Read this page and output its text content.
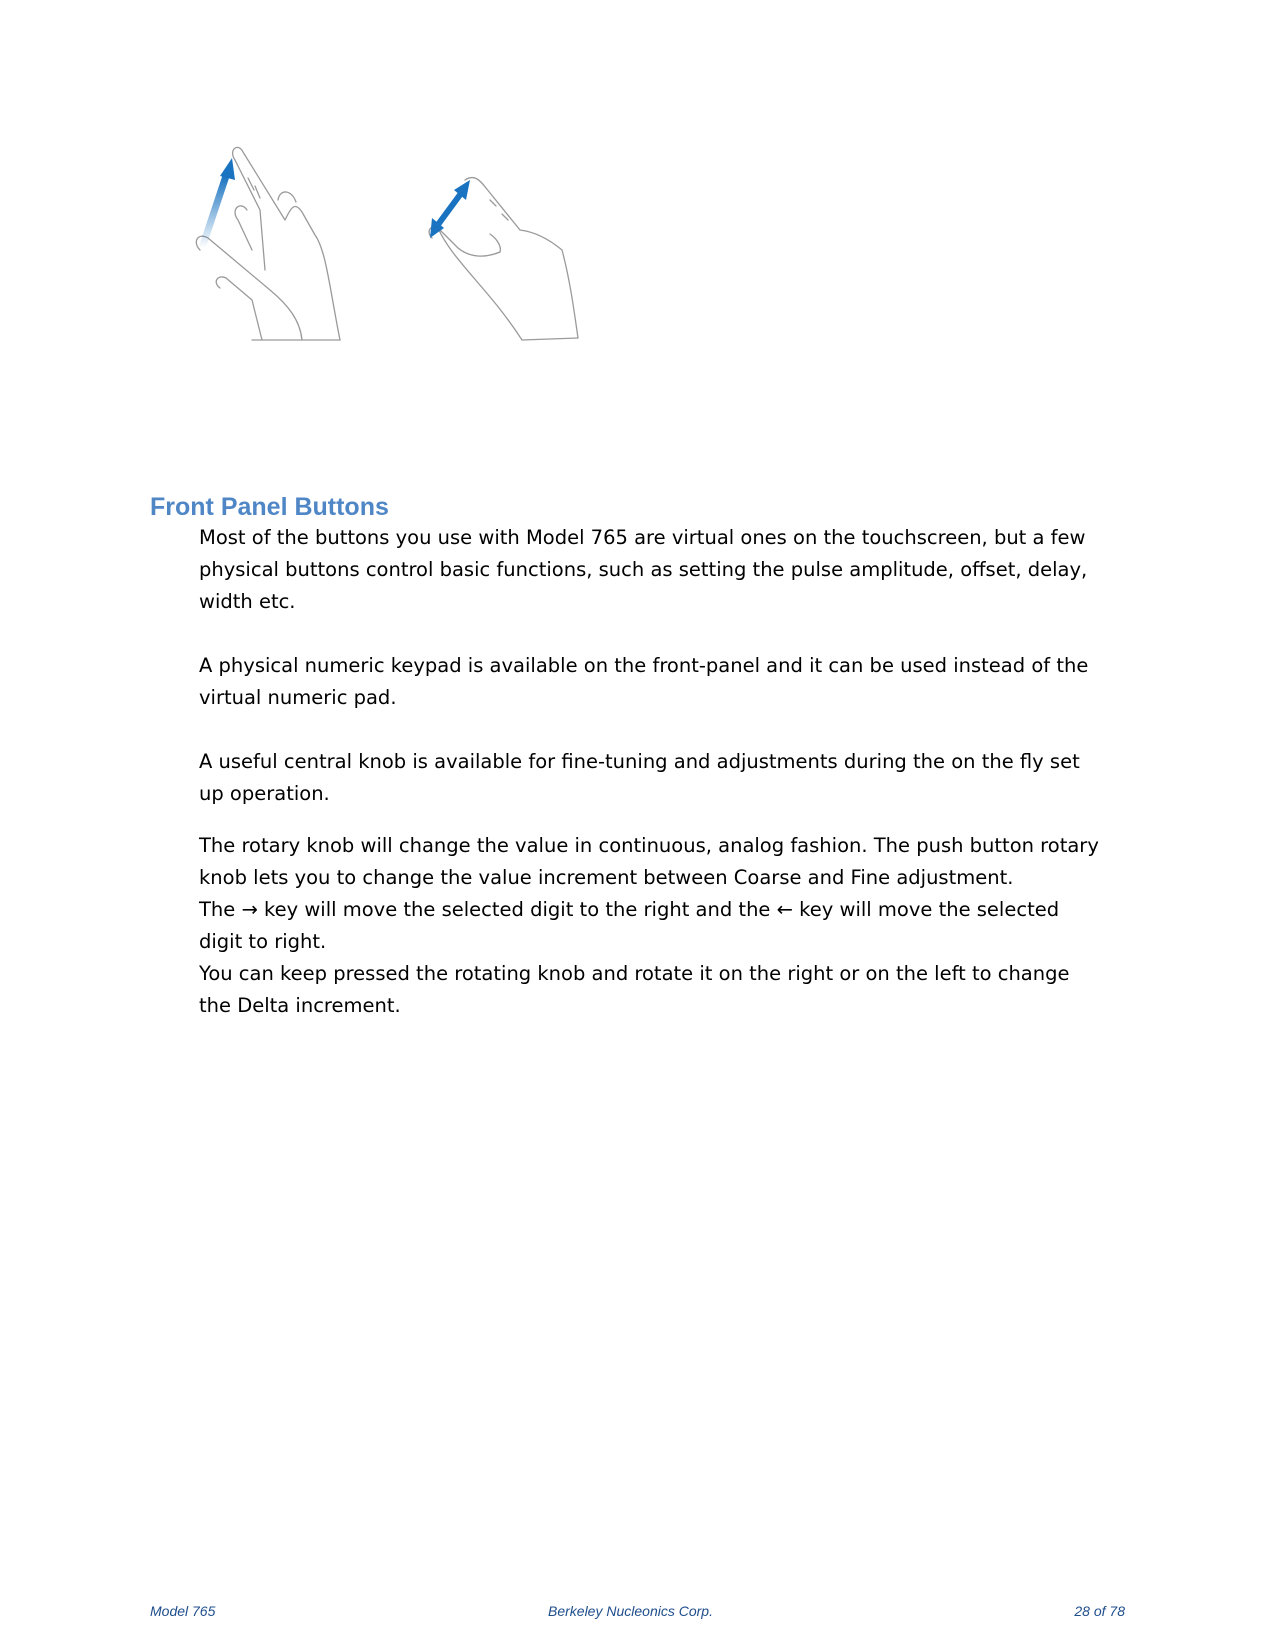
Front Panel Buttons

Most of the buttons you use with Model 765 are virtual ones on the touchscreen, but a few physical buttons control basic functions, such as setting the pulse amplitude, offset, delay, width etc.

A physical numeric keypad is available on the front-panel and it can be used instead of the virtual numeric pad.

A useful central knob is available for fine-tuning and adjustments during the on the fly set up operation.

The rotary knob will change the value in continuous, analog fashion. The push button rotary knob lets you to change the value increment between Coarse and Fine adjustment.
The → key will move the selected digit to the right and the ← key will move the selected digit to right.
You can keep pressed the rotating knob and rotate it on the right or on the left to change the Delta increment.

Model 765	Berkeley Nucleonics Corp.	28 of 78
